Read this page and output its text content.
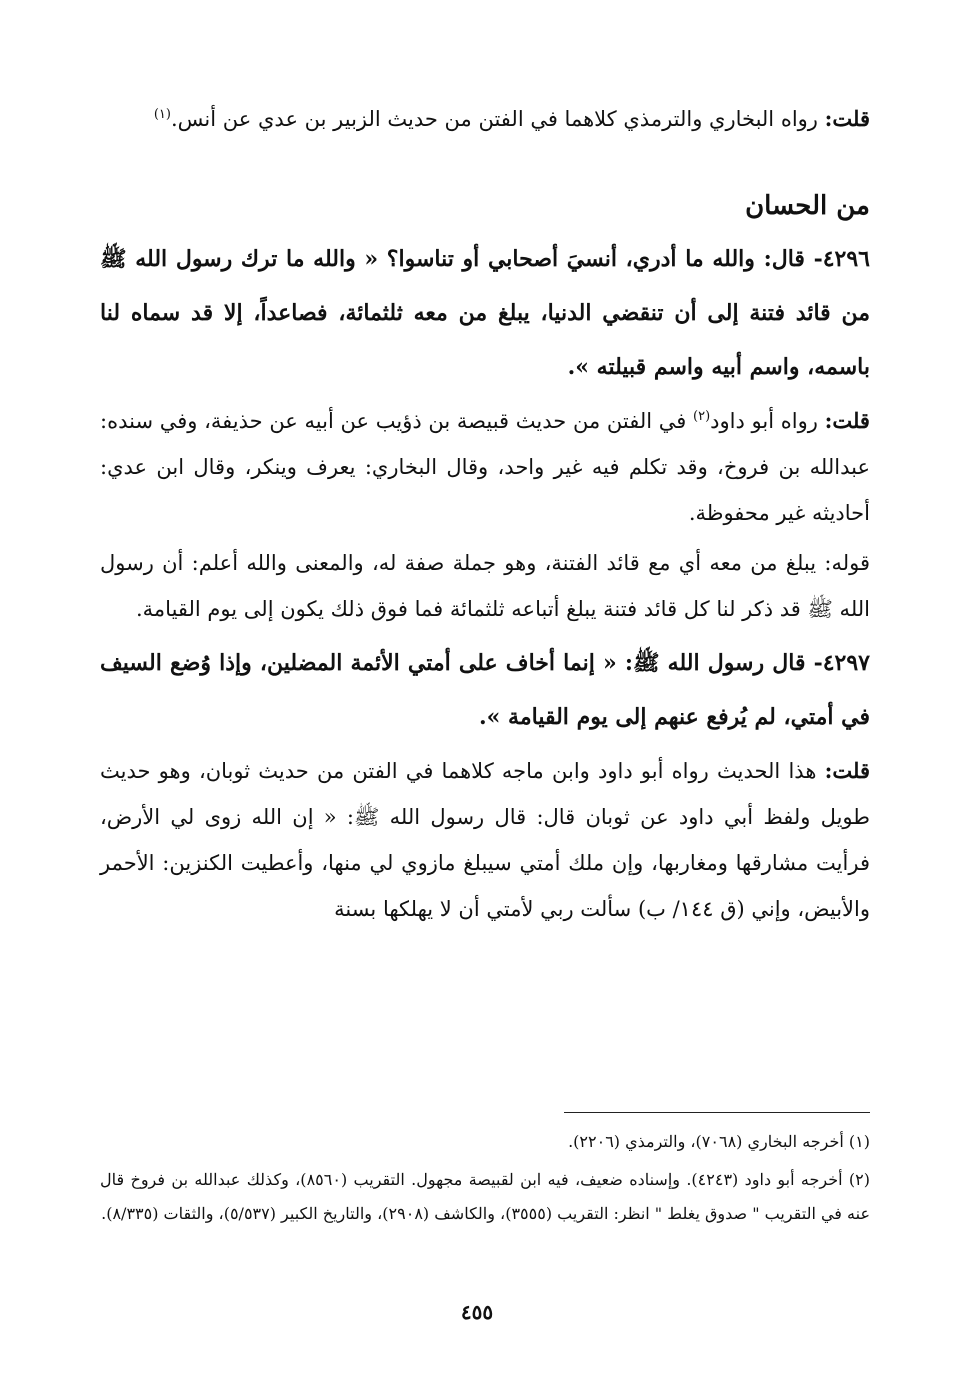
قلت: رواه البخاري والترمذي كلاهما في الفتن من حديث الزبير بن عدي عن أنس.$^{(١)}$

من الحسان

٤٢٩٦- قال: والله ما أدري، أنسيَ أصحابي أو تناسوا؟ « والله ما ترك رسول الله ﷺ من قائد فتنة إلى أن تنقضي الدنيا، يبلغ من معه ثلثمائة، فصاعداً، إلا قد سماه لنا باسمه، واسم أبيه واسم قبيلته ».

قلت: رواه أبو داود$^{(٢)}$ في الفتن من حديث قبيصة بن ذؤيب عن أبيه عن حذيفة، وفي سنده: عبدالله بن فروخ، وقد تكلم فيه غير واحد، وقال البخاري: يعرف وينكر، وقال ابن عدي: أحاديثه غير محفوظة.

قوله: يبلغ من معه أي مع قائد الفتنة، وهو جملة صفة له، والمعنى والله أعلم: أن رسول الله ﷺ قد ذكر لنا كل قائد فتنة يبلغ أتباعه ثلثمائة فما فوق ذلك يكون إلى يوم القيامة.

٤٢٩٧- قال رسول الله ﷺ: « إنما أخاف على أمتي الأئمة المضلين، وإذا وُضع السيف في أمتي، لم يُرفع عنهم إلى يوم القيامة ».

قلت: هذا الحديث رواه أبو داود وابن ماجه كلاهما في الفتن من حديث ثوبان، وهو حديث طويل ولفظ أبي داود عن ثوبان قال: قال رسول الله ﷺ: « إن الله زوى لي الأرض، فرأيت مشارقها ومغاربها، وإن ملك أمتي سيبلغ مازوي لي منها، وأعطيت الكنزين: الأحمر والأبيض، وإني (ق ١٤٤/ ب) سألت ربي لأمتي أن لا يهلكها بسنة

(١) أخرجه البخاري (٧٠٦٨)، والترمذي (٢٢٠٦).

(٢) أخرجه أبو داود (٤٢٤٣). وإسناده ضعيف، فيه ابن لقبيصة مجهول. التقريب (٨٥٦٠)، وكذلك عبدالله بن فروخ قال عنه في التقريب " صدوق يغلط " انظر: التقريب (٣٥٥٥)، والكاشف (٢٩٠٨)، والتاريخ الكبير (٥/٥٣٧)، والثقات (٨/٣٣٥).

٤٥٥
